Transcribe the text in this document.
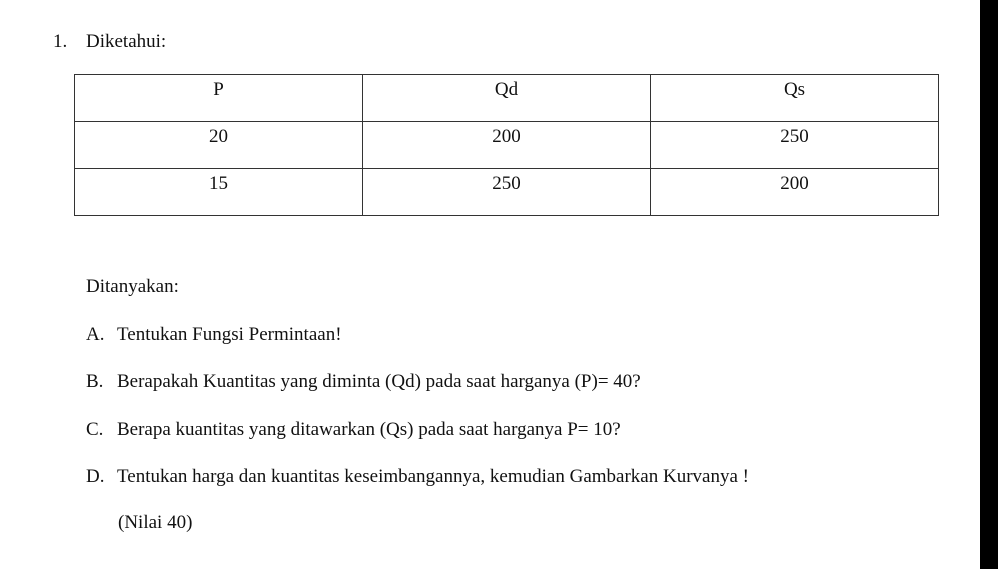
1. Diketahui:
P	Qd	Qs
20	200	250
15	250	200
Ditanyakan:
A. Tentukan Fungsi Permintaan!
B. Berapakah Kuantitas yang diminta (Qd) pada saat harganya (P)= 40?
C. Berapa kuantitas yang ditawarkan (Qs) pada saat harganya P= 10?
D. Tentukan harga dan kuantitas keseimbangannya, kemudian Gambarkan Kurvanya !
(Nilai 40)
